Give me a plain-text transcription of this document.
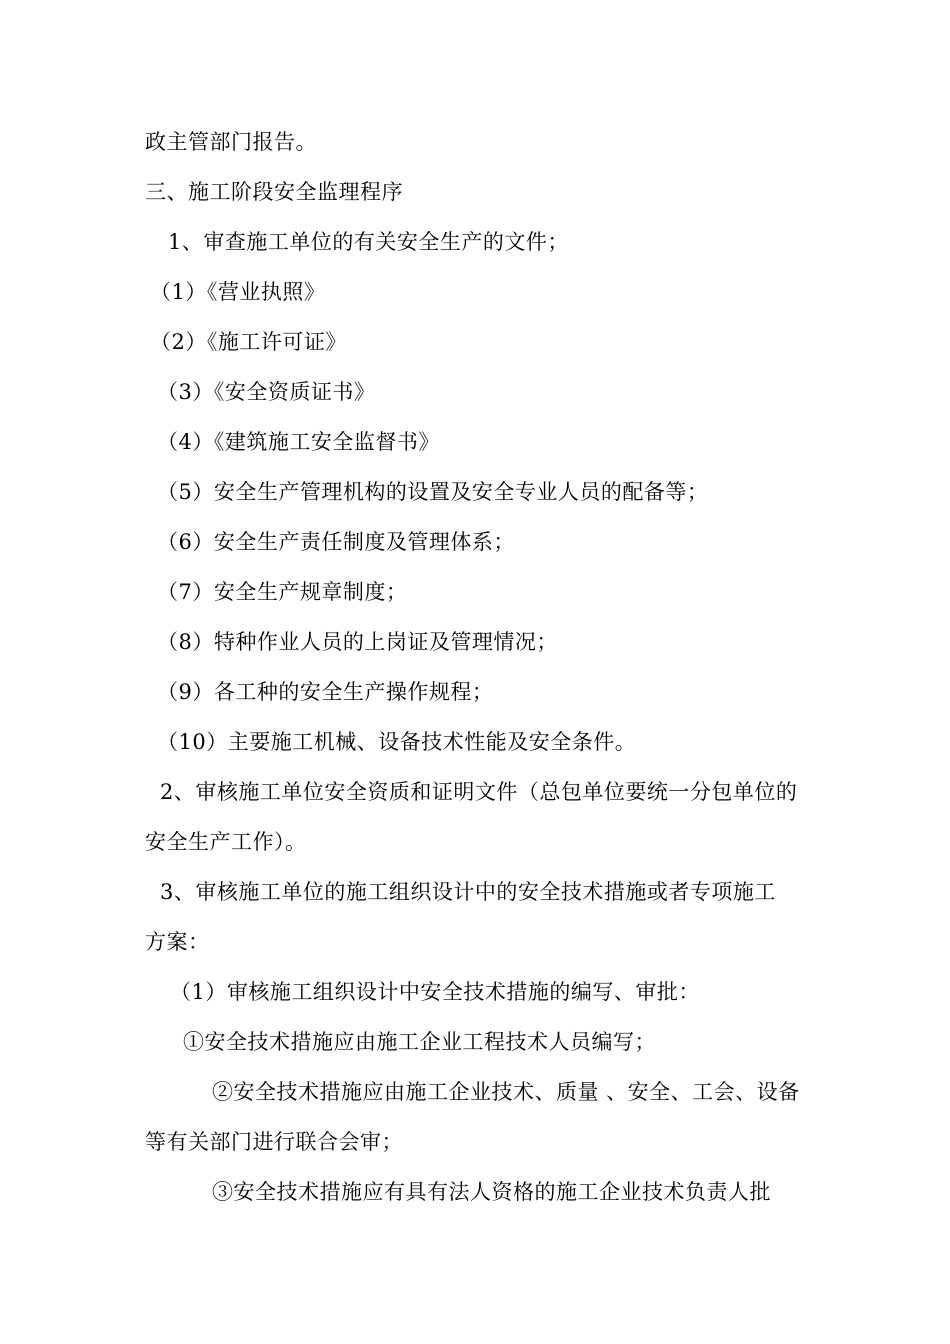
政主管部门报告。
三、施工阶段安全监理程序
1、审查施工单位的有关安全生产的文件；
（1）《营业执照》
（2）《施工许可证》
（3）《安全资质证书》
（4）《建筑施工安全监督书》
（5）安全生产管理机构的设置及安全专业人员的配备等；
（6）安全生产责任制度及管理体系；
（7）安全生产规章制度；
（8）特种作业人员的上岗证及管理情况；
（9）各工种的安全生产操作规程；
（10）主要施工机械、设备技术性能及安全条件。
2、审核施工单位安全资质和证明文件（总包单位要统一分包单位的
安全生产工作）。
3、审核施工单位的施工组织设计中的安全技术措施或者专项施工
方案：
（1）审核施工组织设计中安全技术措施的编写、审批：
①安全技术措施应由施工企业工程技术人员编写；
②安全技术措施应由施工企业技术、质量 、安全、工会、设备
等有关部门进行联合会审；
③安全技术措施应有具有法人资格的施工企业技术负责人批
